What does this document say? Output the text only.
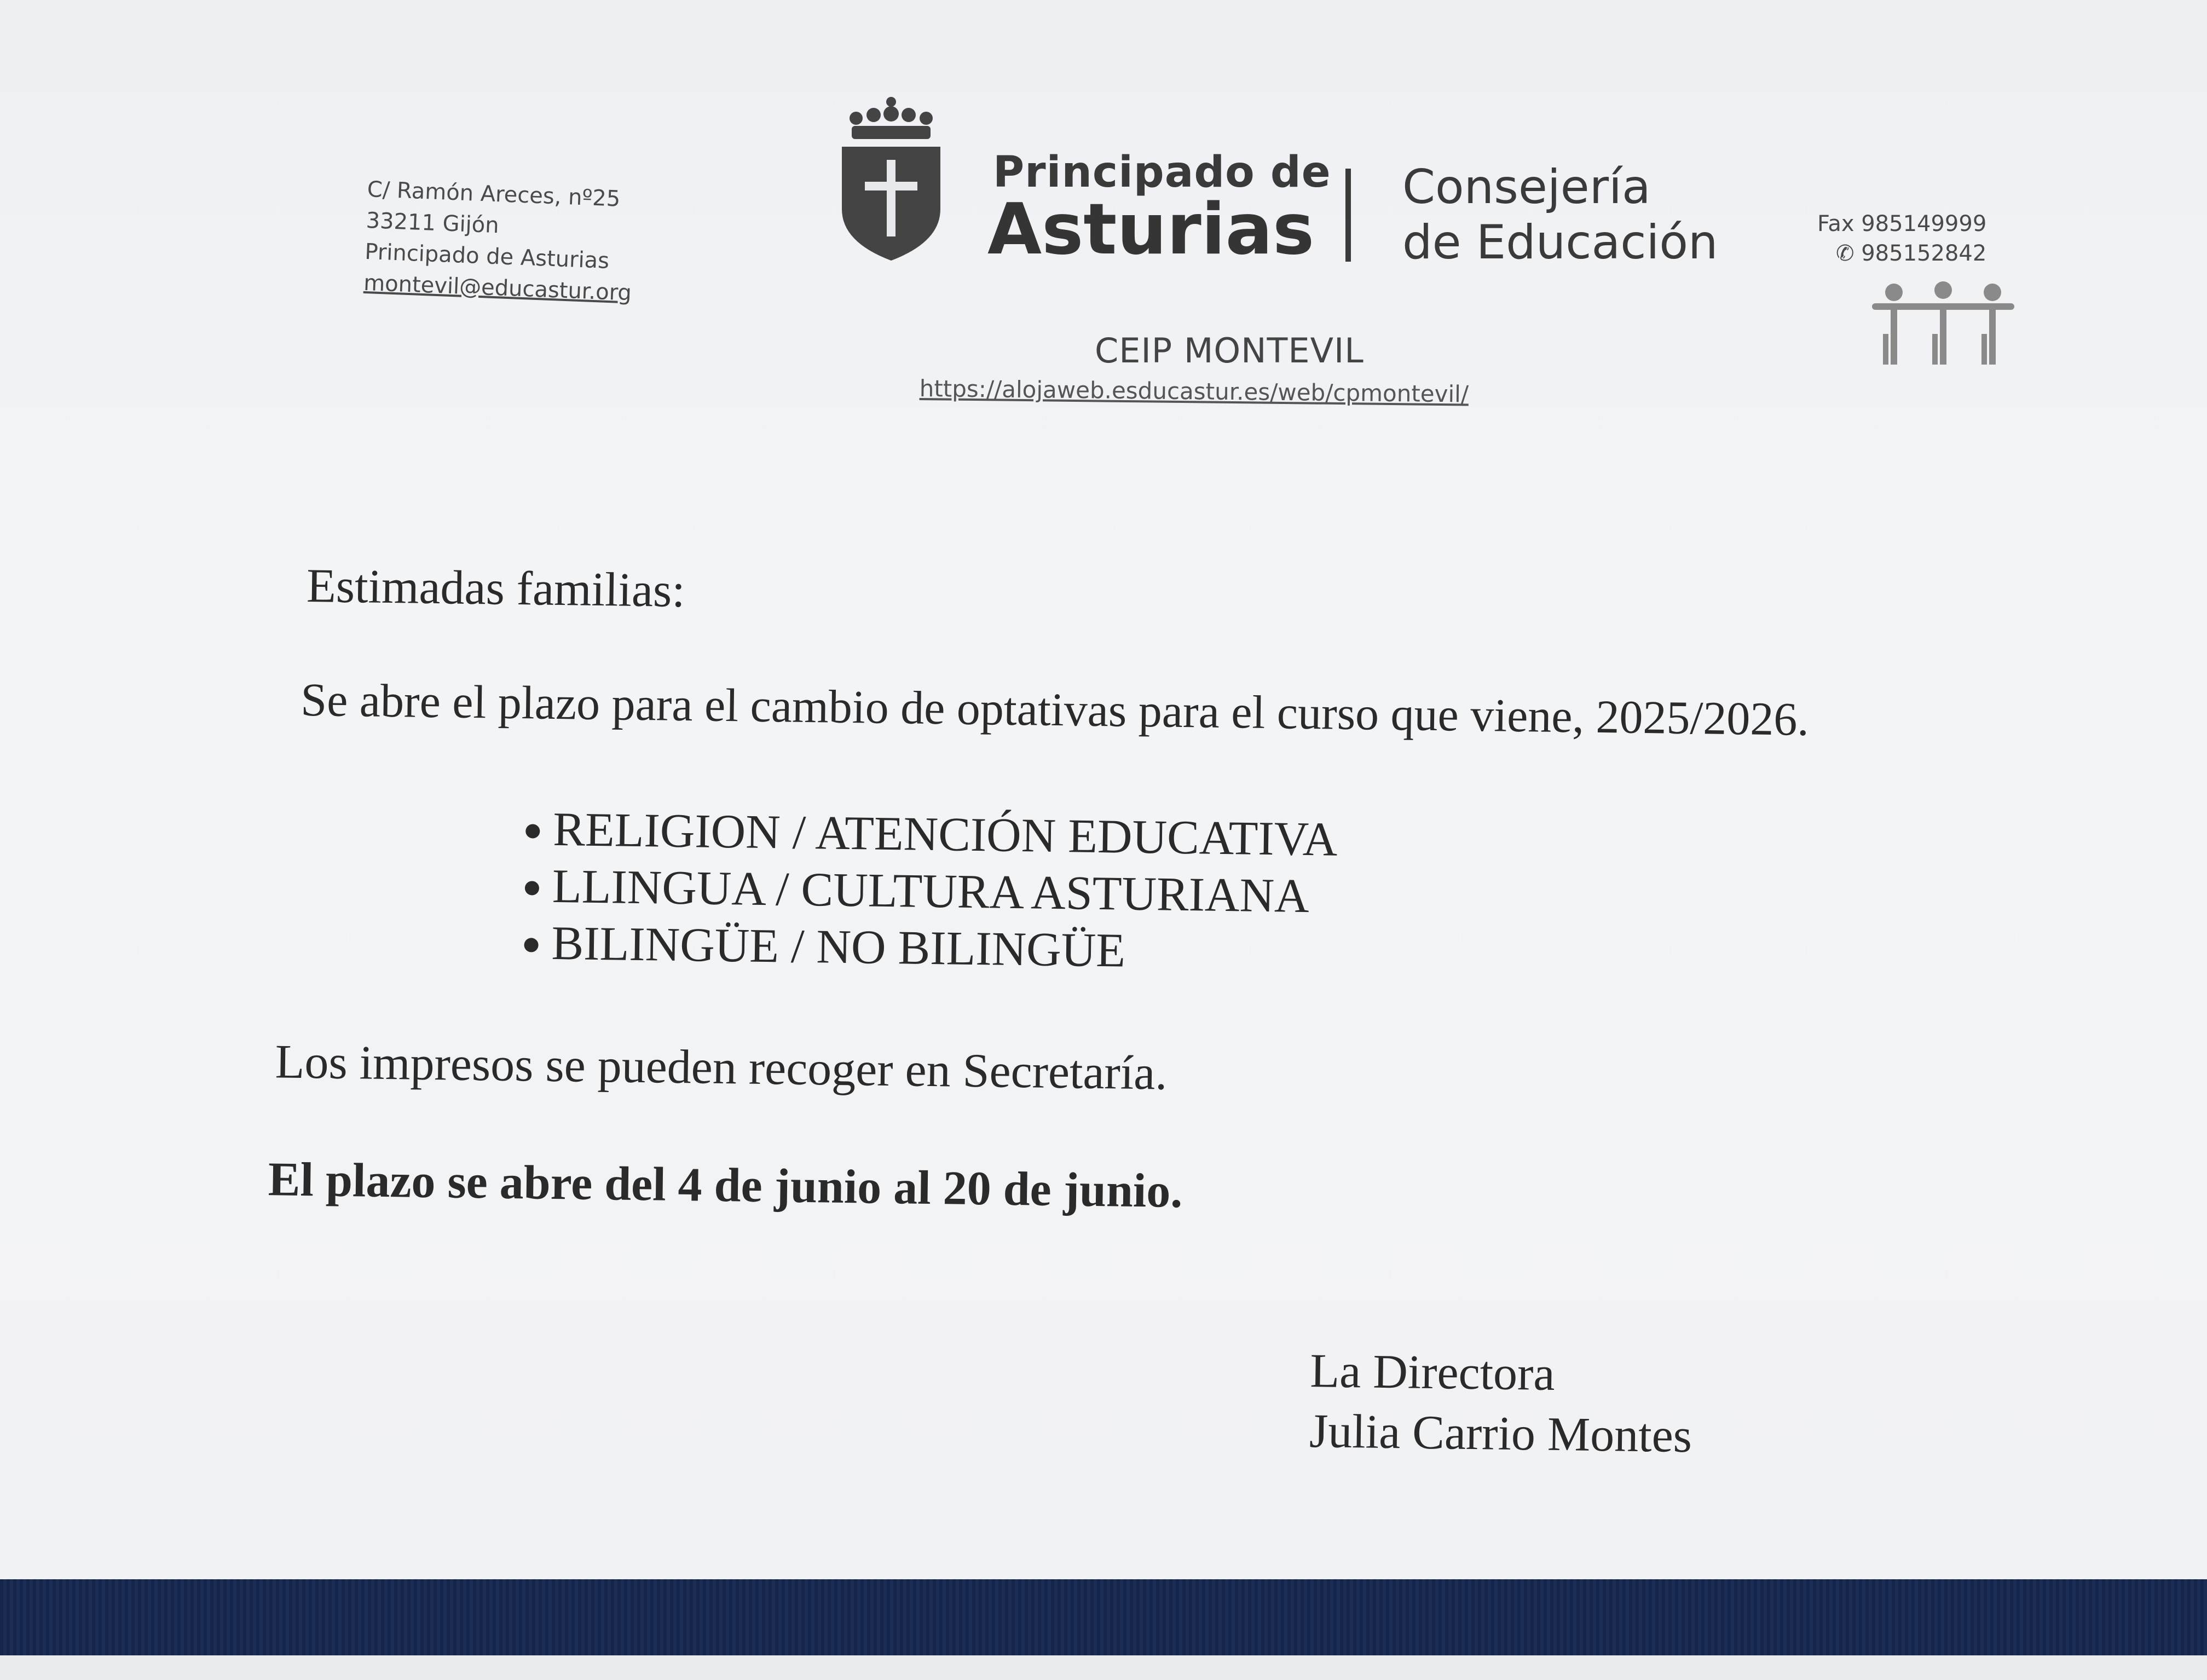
C/ Ramón Areces, nº25
33211 Gijón
Principado de Asturias
montevil@educastur.org
Principado de
Asturias
Consejería
de Educación	Fax 985149999
✆ 985152842
CEIP MONTEVIL
https://alojaweb.esducastur.es/web/cpmontevil/
Estimadas familias:
Se abre el plazo para el cambio de optativas para el curso que viene, 2025/2026.
RELIGION / ATENCIÓN EDUCATIVA
LLINGUA / CULTURA ASTURIANA
BILINGÜE / NO BILINGÜE
Los impresos se pueden recoger en Secretaría.
El plazo se abre del 4 de junio al 20 de junio.
La Directora
Julia Carrio Montes
